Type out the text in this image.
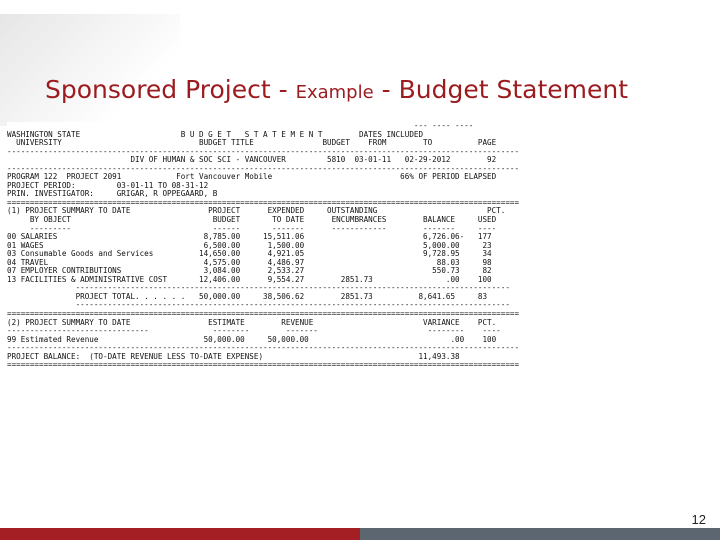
Sponsored Project - Example - Budget Statement
--- ---- ----
WASHINGTON STATE                      B U D G E T   S T A T E M E N T        DATES INCLUDED
UNIVERSITY                              BUDGET TITLE               BUDGET    FROM        TO          PAGE
----------------------------------------------------------------------------------------------------------------
DIV OF HUMAN & SOC SCI - VANCOUVER         5810  03-01-11   02-29-2012        92
----------------------------------------------------------------------------------------------------------------
PROGRAM 122  PROJECT 2091            Fort Vancouver Mobile                            66% OF PERIOD ELAPSED
PROJECT PERIOD:         03-01-11 TO 08-31-12
PRIN. INVESTIGATOR:     GRIGAR, R OPPEGAARD, B
================================================================================================================
(1) PROJECT SUMMARY TO DATE                 PROJECT      EXPENDED     OUTSTANDING                        PCT.
BY OBJECT                               BUDGET       TO DATE      ENCUMBRANCES        BALANCE     USED
---------                               ------       -------      ------------        -------     ----
00 SALARIES                                8,785.00     15,511.06                          6,726.06-   177
01 WAGES                                   6,500.00      1,500.00                          5,000.00     23
03 Consumable Goods and Services          14,650.00      4,921.05                          9,728.95     34
04 TRAVEL                                  4,575.00      4,486.97                             88.03     98
07 EMPLOYER CONTRIBUTIONS                  3,084.00      2,533.27                            550.73     82
13 FACILITIES & ADMINISTRATIVE COST       12,406.00      9,554.27        2851.73                .00    100
-----------------------------------------------------------------------------------------------
PROJECT TOTAL. . . . . .   50,000.00     38,506.62        2851.73          8,641.65     83
-----------------------------------------------------------------------------------------------
================================================================================================================
(2) PROJECT SUMMARY TO DATE                 ESTIMATE        REVENUE                        VARIANCE    PCT.
-------------------------------              --------        -------                        --------    ----
99 Estimated Revenue                       50,000.00     50,000.00                               .00    100
----------------------------------------------------------------------------------------------------------------
PROJECT BALANCE:  (TO-DATE REVENUE LESS TO-DATE EXPENSE)                                  11,493.38
================================================================================================================
12
